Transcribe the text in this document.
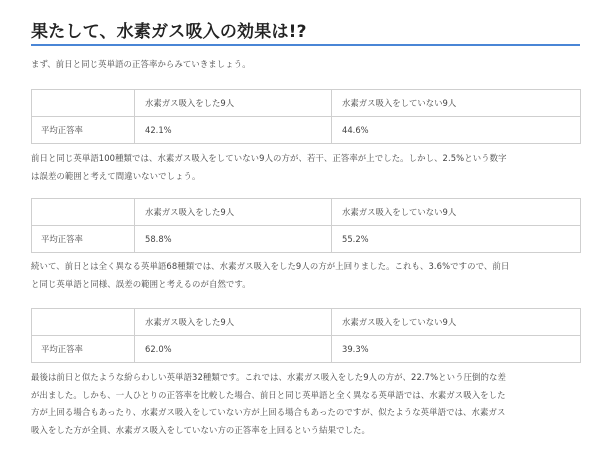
果たして、水素ガス吸入の効果は!?
まず、前日と同じ英単語の正答率からみていきましょう。
	水素ガス吸入をした9人	水素ガス吸入をしていない9人
平均正答率	42.1%	44.6%
前日と同じ英単語100種類では、水素ガス吸入をしていない9人の方が、若干、正答率が上でした。しかし、2.5%という数字
は誤差の範囲と考えて間違いないでしょう。
	水素ガス吸入をした9人	水素ガス吸入をしていない9人
平均正答率	58.8%	55.2%
続いて、前日とは全く異なる英単語68種類では、水素ガス吸入をした9人の方が上回りました。これも、3.6%ですので、前日
と同じ英単語と同様、誤差の範囲と考えるのが自然です。
	水素ガス吸入をした9人	水素ガス吸入をしていない9人
平均正答率	62.0%	39.3%
最後は前日と似たような紛らわしい英単語32種類です。これでは、水素ガス吸入をした9人の方が、22.7%という圧倒的な差
が出ました。しかも、一人ひとりの正答率を比較した場合、前日と同じ英単語と全く異なる英単語では、水素ガス吸入をした
方が上回る場合もあったり、水素ガス吸入をしていない方が上回る場合もあったのですが、似たような英単語では、水素ガス
吸入をした方が全員、水素ガス吸入をしていない方の正答率を上回るという結果でした。
